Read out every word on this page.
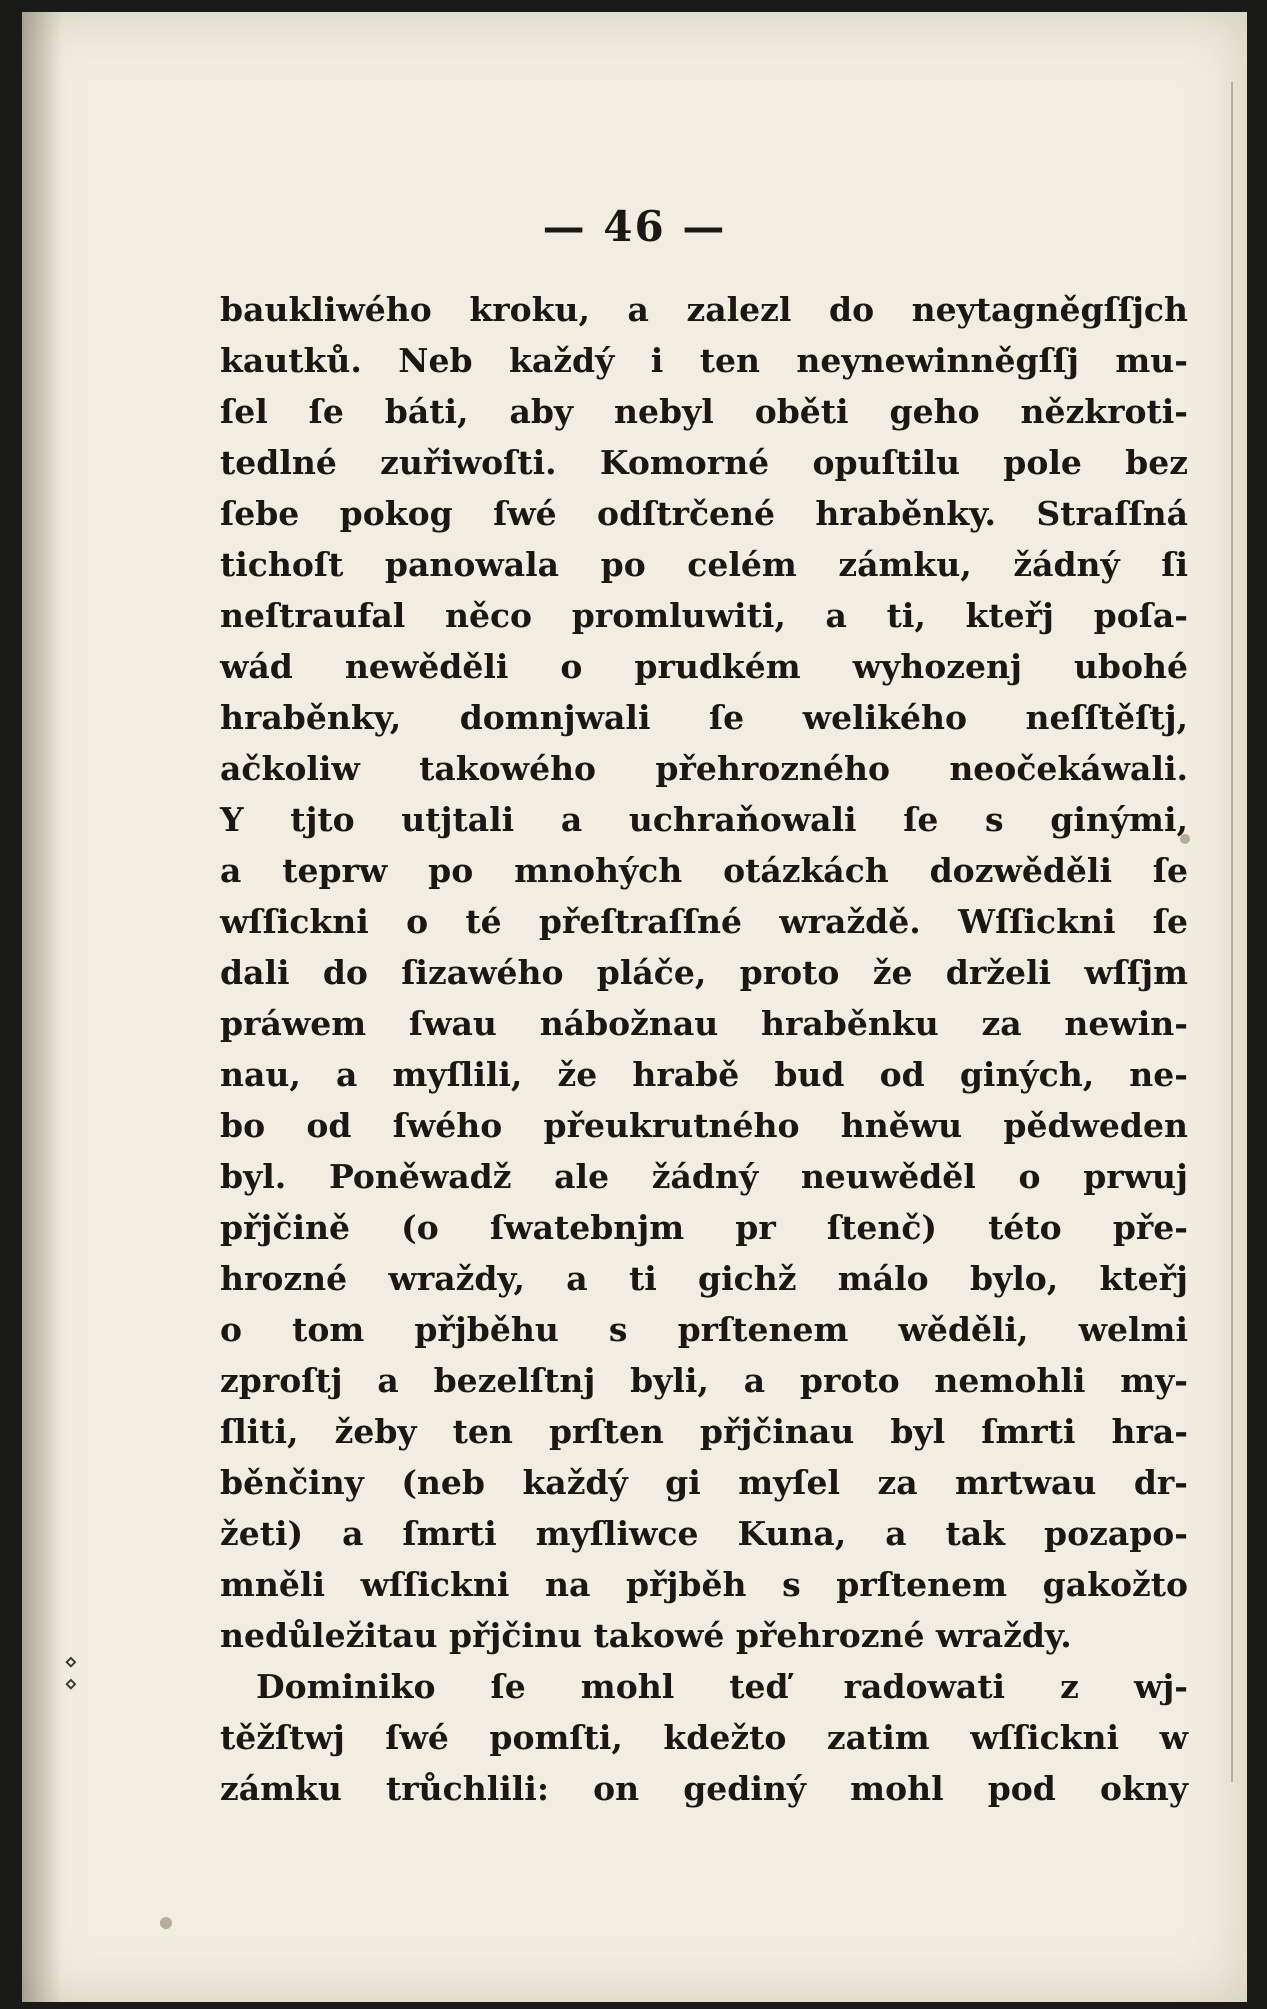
— 46 —
baukliwého kroku, a zalezl do neytagněgſſjch
kautků. Neb každý i ten neynewinněgſſj mu-
ſel ſe báti, aby nebyl oběti geho nězkroti-
tedlné zuřiwoſti. Komorné opuſtilu pole bez
ſebe pokog ſwé odſtrčené hraběnky. Straſſná
tichoſt panowala po celém zámku, žádný ſi
neſtraufal něco promluwiti, a ti, kteřj poſa-
wád newěděli o prudkém wyhozenj ubohé
hraběnky, domnjwali ſe welikého neſſtěſtj,
ačkoliw takowého přehrozného neočekáwali.
Y tjto utjtali a uchraňowali ſe s ginými,
a teprw po mnohých otázkách dozwěděli ſe
wſſickni o té přeſtraſſné wraždě. Wſſickni ſe
dali do ſizawého pláče, proto že drželi wſſjm
práwem ſwau nábožnau hraběnku za newin-
nau, a myſlili, že hrabě bud od giných, ne-
bo od ſwého přeukrutného hněwu pědweden
byl. Poněwadž ale žádný neuwěděl o prwuj
přjčině (o ſwatebnjm pr ſtenč) této pře-
hrozné wraždy, a ti gichž málo bylo, kteřj
o tom přjběhu s prſtenem wěděli, welmi
zproſtj a bezelſtnj byli, a proto nemohli my-
ſliti, žeby ten prſten přjčinau byl ſmrti hra-
běnčiny (neb každý gi myſel za mrtwau dr-
žeti) a ſmrti myſliwce Kuna, a tak pozapo-
mněli wſſickni na přjběh s prſtenem gakožto
nedůležitau přjčinu takowé přehrozné wraždy.
Dominiko ſe mohl teď radowati z wj-
těžſtwj ſwé pomſti, kdežto zatim wſſickni w
zámku trůchlili: on gediný mohl pod okny
⋄
⋄
